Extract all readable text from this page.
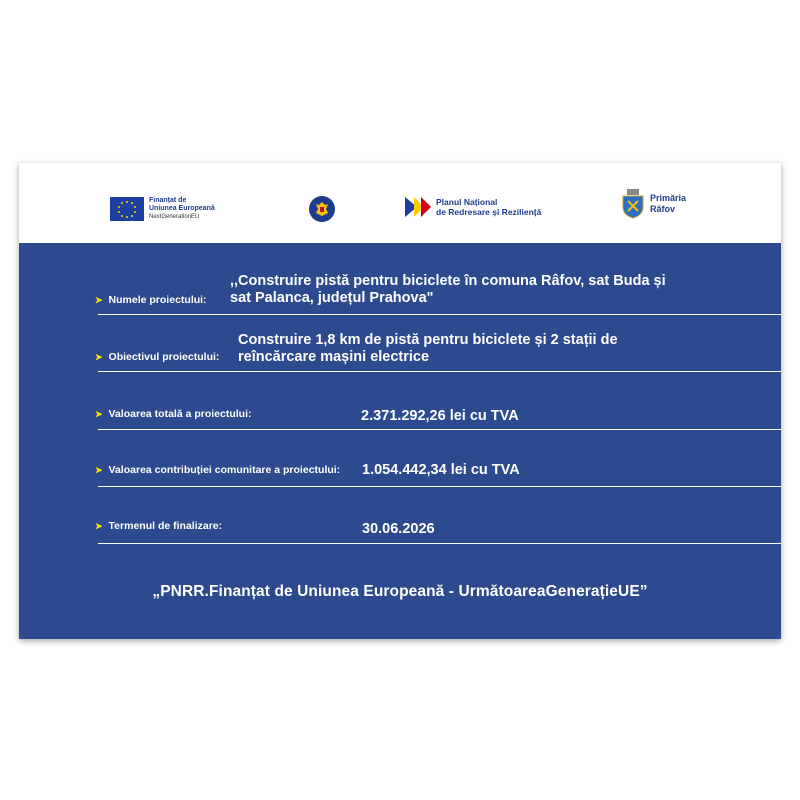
Finanțat de
Uniunea Europeană
NextGenerationEU
Planul Național
de Redresare și Reziliență
Primăria
Râfov
➤ Numele proiectului:
,,Construire pistă pentru biciclete în comuna Râfov, sat Buda și
sat Palanca, județul Prahova"
➤ Obiectivul proiectului:
Construire 1,8 km de pistă pentru biciclete și 2 stații de
reîncărcare mașini electrice
➤ Valoarea totală a proiectului:	2.371.292,26 lei cu TVA
➤ Valoarea contribuției comunitare a proiectului: 1.054.442,34 lei cu TVA
➤ Termenul de finalizare:	30.06.2026
„PNRR.Finanțat de Uniunea Europeană - UrmătoareaGenerațieUE”
